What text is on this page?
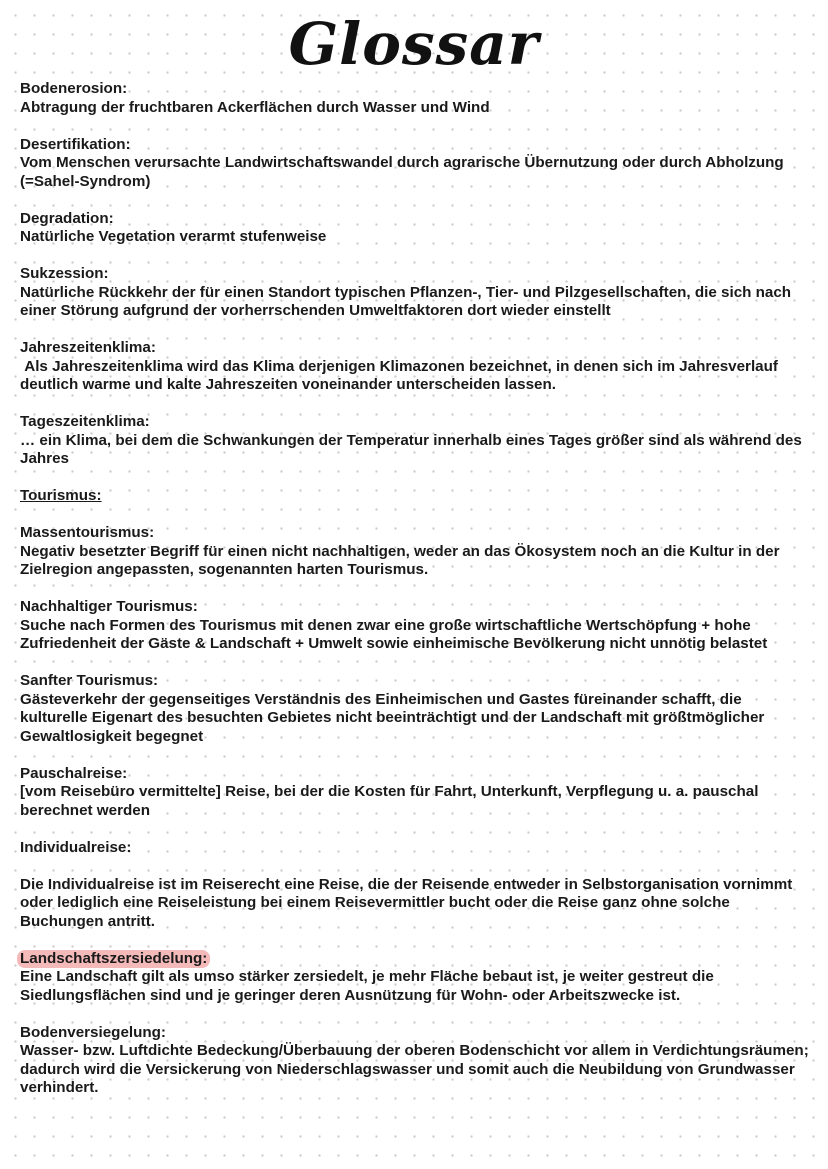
Glossar
Bodenerosion:
Abtragung der fruchtbaren Ackerflächen durch Wasser und Wind
Desertifikation:
Vom Menschen verursachte Landwirtschaftswandel durch agrarische Übernutzung oder durch Abholzung (=Sahel-Syndrom)
Degradation:
Natürliche Vegetation verarmt stufenweise
Sukzession:
Natürliche Rückkehr der für einen Standort typischen Pflanzen-, Tier- und Pilzgesellschaften, die sich nach einer Störung aufgrund der vorherrschenden Umweltfaktoren dort wieder einstellt
Jahreszeitenklima:
Als Jahreszeitenklima wird das Klima derjenigen Klimazonen bezeichnet, in denen sich im Jahresverlauf deutlich warme und kalte Jahreszeiten voneinander unterscheiden lassen.
Tageszeitenklima:
… ein Klima, bei dem die Schwankungen der Temperatur innerhalb eines Tages größer sind als während des Jahres
Tourismus:
Massentourismus:
Negativ besetzter Begriff für einen nicht nachhaltigen, weder an das Ökosystem noch an die Kultur in der Zielregion angepassten, sogenannten harten Tourismus.
Nachhaltiger Tourismus:
Suche nach Formen des Tourismus mit denen zwar eine große wirtschaftliche Wertschöpfung + hohe Zufriedenheit der Gäste & Landschaft + Umwelt sowie einheimische Bevölkerung nicht unnötig belastet
Sanfter Tourismus:
Gästeverkehr der gegenseitiges Verständnis des Einheimischen und Gastes füreinander schafft, die kulturelle Eigenart des besuchten Gebietes nicht beeinträchtigt und der Landschaft mit größtmöglicher Gewaltlosigkeit begegnet
Pauschalreise:
[vom Reisebüro vermittelte] Reise, bei der die Kosten für Fahrt, Unterkunft, Verpflegung u. a. pauschal berechnet werden
Individualreise:
Die Individualreise ist im Reiserecht eine Reise, die der Reisende entweder in Selbstorganisation vornimmt oder lediglich eine Reiseleistung bei einem Reisevermittler bucht oder die Reise ganz ohne solche Buchungen antritt.
Landschaftszersiedelung:
Eine Landschaft gilt als umso stärker zersiedelt, je mehr Fläche bebaut ist, je weiter gestreut die Siedlungsflächen sind und je geringer deren Ausnützung für Wohn- oder Arbeitszwecke ist.
Bodenversiegelung:
Wasser- bzw. Luftdichte Bedeckung/Überbauung der oberen Bodenschicht vor allem in Verdichtungsräumen; dadurch wird die Versickerung von Niederschlagswasser und somit auch die Neubildung von Grundwasser verhindert.
